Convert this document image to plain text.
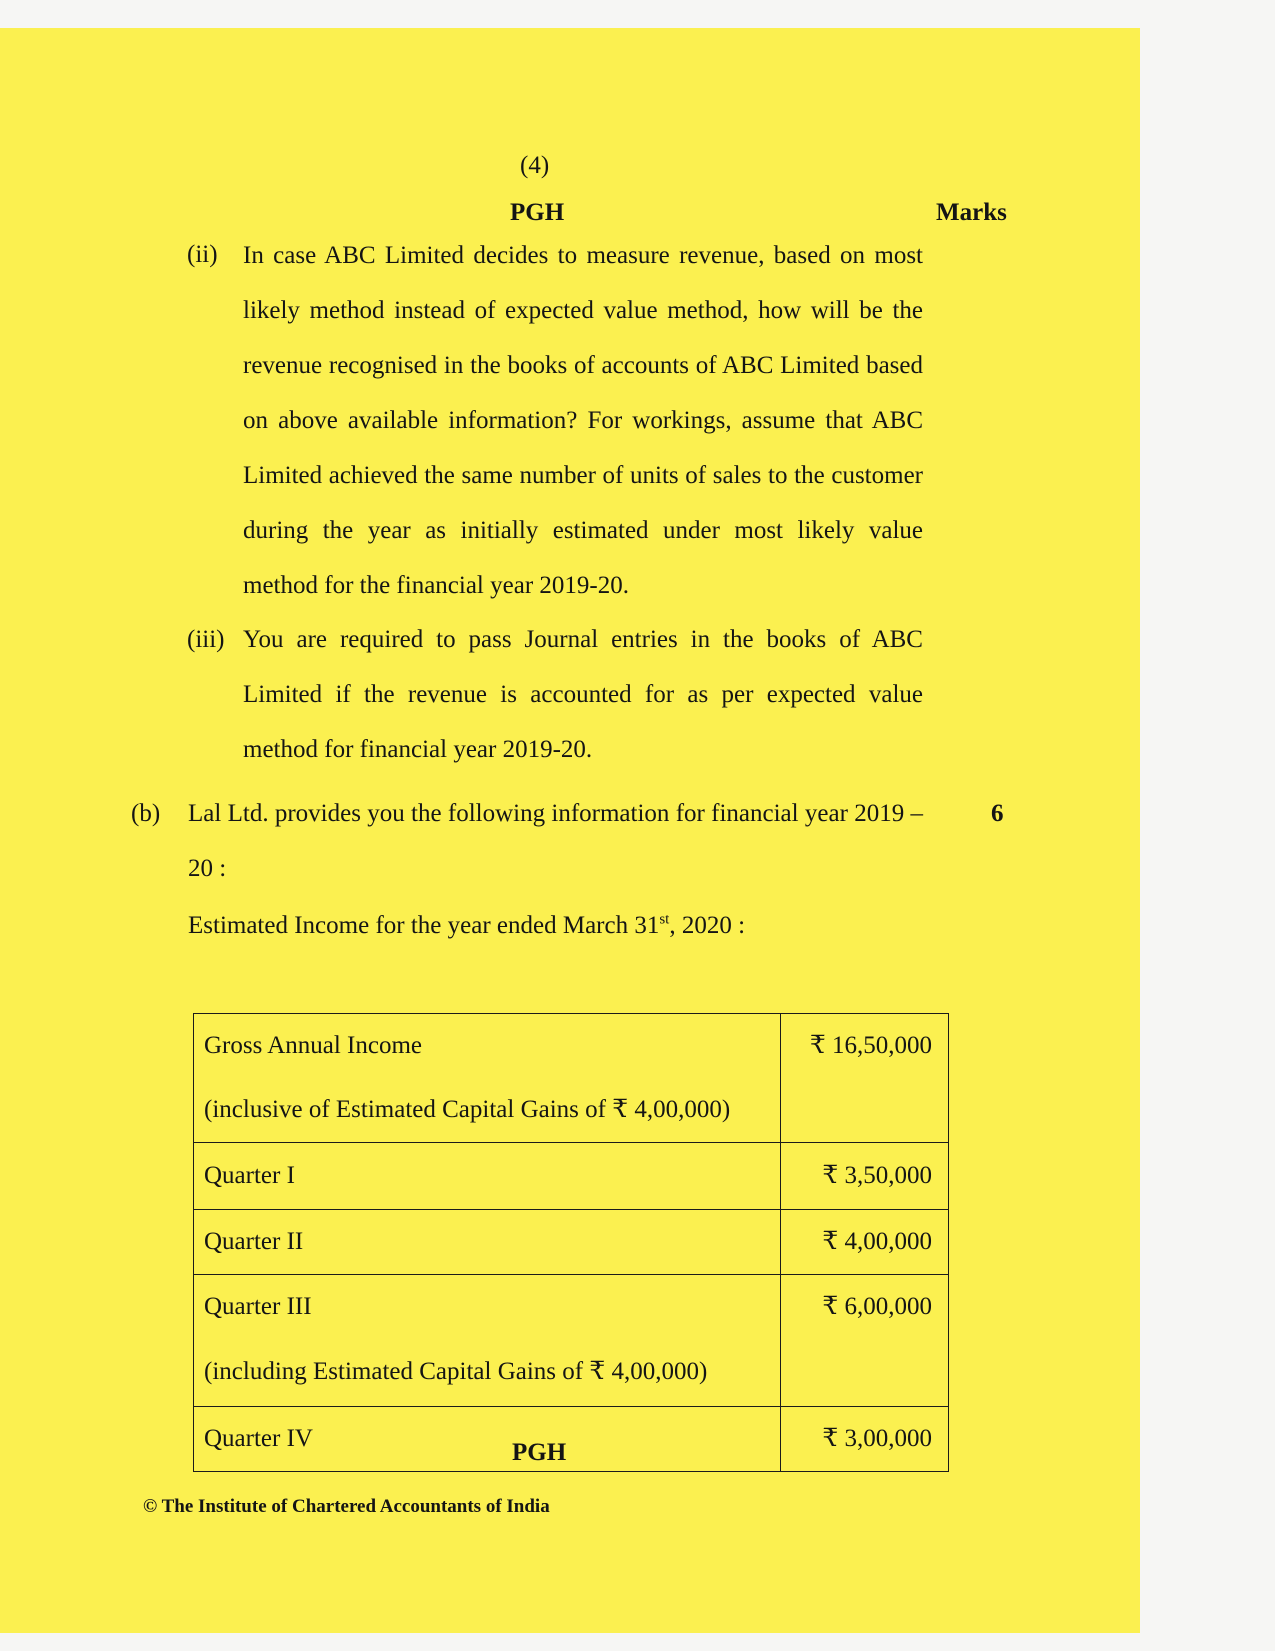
(4)
PGH	Marks
(ii) In case ABC Limited decides to measure revenue, based on most likely method instead of expected value method, how will be the revenue recognised in the books of accounts of ABC Limited based on above available information? For workings, assume that ABC Limited achieved the same number of units of sales to the customer during the year as initially estimated under most likely value method for the financial year 2019-20.
(iii) You are required to pass Journal entries in the books of ABC Limited if the revenue is accounted for as per expected value method for financial year 2019-20.
(b) Lal Ltd. provides you the following information for financial year 2019 – 20 :
6
Estimated Income for the year ended March 31st, 2020 :
Gross Annual Income
(inclusive of Estimated Capital Gains of ₹ 4,00,000)	₹ 16,50,000

Quarter I	₹ 3,50,000

Quarter II	₹ 4,00,000

Quarter III
(including Estimated Capital Gains of ₹ 4,00,000)	₹ 6,00,000

Quarter IV	₹ 3,00,000
PGH
© The Institute of Chartered Accountants of India
